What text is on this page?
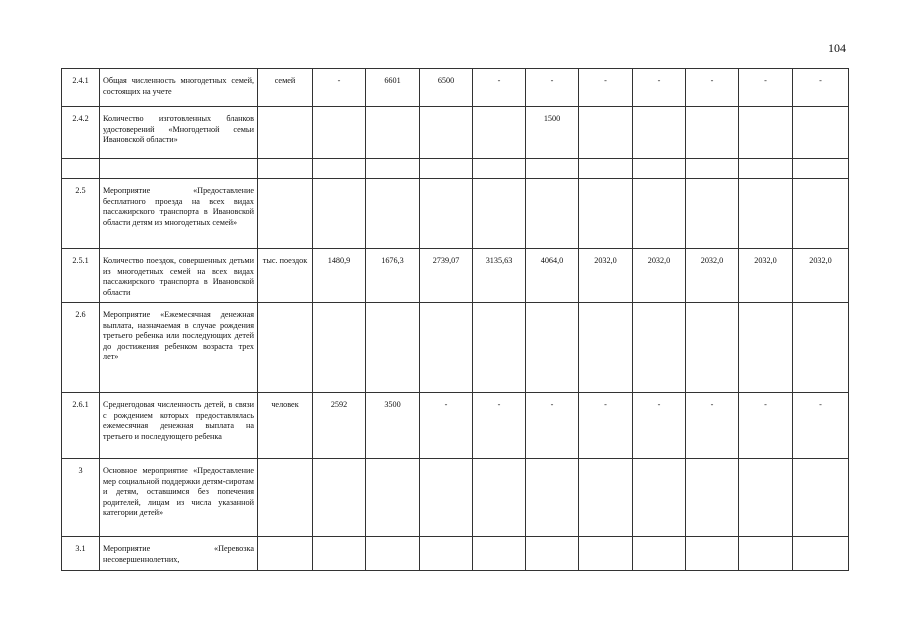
104
2.4.1	Общая численность многодетных семей, состоящих на учете	семей	-	6601	6500	-	-	-	-	-	-	-
2.4.2	Количество изготовленных бланков удостоверений «Многодетной семьи Ивановской области»						1500					

2.5	Мероприятие «Предоставление бесплатного проезда на всех видах пассажирского транспорта в Ивановской области детям из многодетных семей»											
2.5.1	Количество поездок, совершенных детьми из многодетных семей на всех видах пассажирского транспорта в Ивановской области	тыс. поездок	1480,9	1676,3	2739,07	3135,63	4064,0	2032,0	2032,0	2032,0	2032,0	2032,0
2.6	Мероприятие «Ежемесячная денежная выплата, назначаемая в случае рождения третьего ребенка или последующих детей до достижения ребенком возраста трех лет»											
2.6.1	Среднегодовая численность детей, в связи с рождением которых предоставлялась ежемесячная денежная выплата на третьего и последующего ребенка	человек	2592	3500	-	-	-	-	-	-	-	-
3	Основное мероприятие «Предоставление мер социальной поддержки детям-сиротам и детям, оставшимся без попечения родителей, лицам из числа указанной категории детей»											
3.1	Мероприятие «Перевозка несовершеннолетних,											
